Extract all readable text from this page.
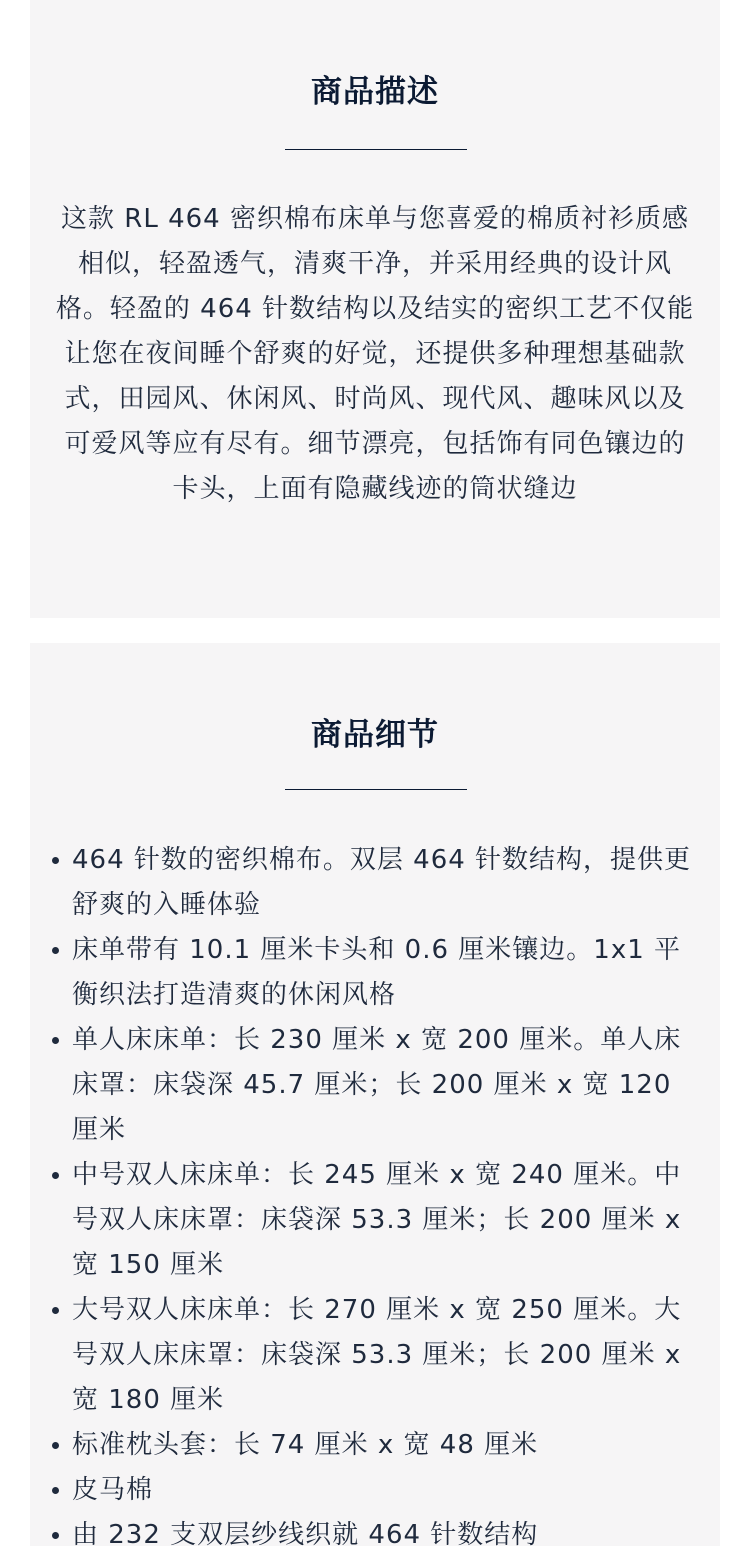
商品描述

这款 RL 464 密织棉布床单与您喜爱的棉质衬衫质感相似，轻盈透气，清爽干净，并采用经典的设计风格。轻盈的 464 针数结构以及结实的密织工艺不仅能让您在夜间睡个舒爽的好觉，还提供多种理想基础款式，田园风、休闲风、时尚风、现代风、趣味风以及可爱风等应有尽有。细节漂亮，包括饰有同色镶边的卡头，上面有隐藏线迹的筒状缝边

商品细节
464 针数的密织棉布。双层 464 针数结构，提供更舒爽的入睡体验
床单带有 10.1 厘米卡头和 0.6 厘米镶边。1x1 平衡织法打造清爽的休闲风格
单人床床单：长 230 厘米 x 宽 200 厘米。单人床床罩：床袋深 45.7 厘米；长 200 厘米 x 宽 120 厘米
中号双人床床单：长 245 厘米 x 宽 240 厘米。中号双人床床罩：床袋深 53.3 厘米；长 200 厘米 x 宽 150 厘米
大号双人床床单：长 270 厘米 x 宽 250 厘米。大号双人床床罩：床袋深 53.3 厘米；长 200 厘米 x 宽 180 厘米
标准枕头套：长 74 厘米 x 宽 48 厘米
皮马棉
由 232 支双层纱线织就 464 针数结构
